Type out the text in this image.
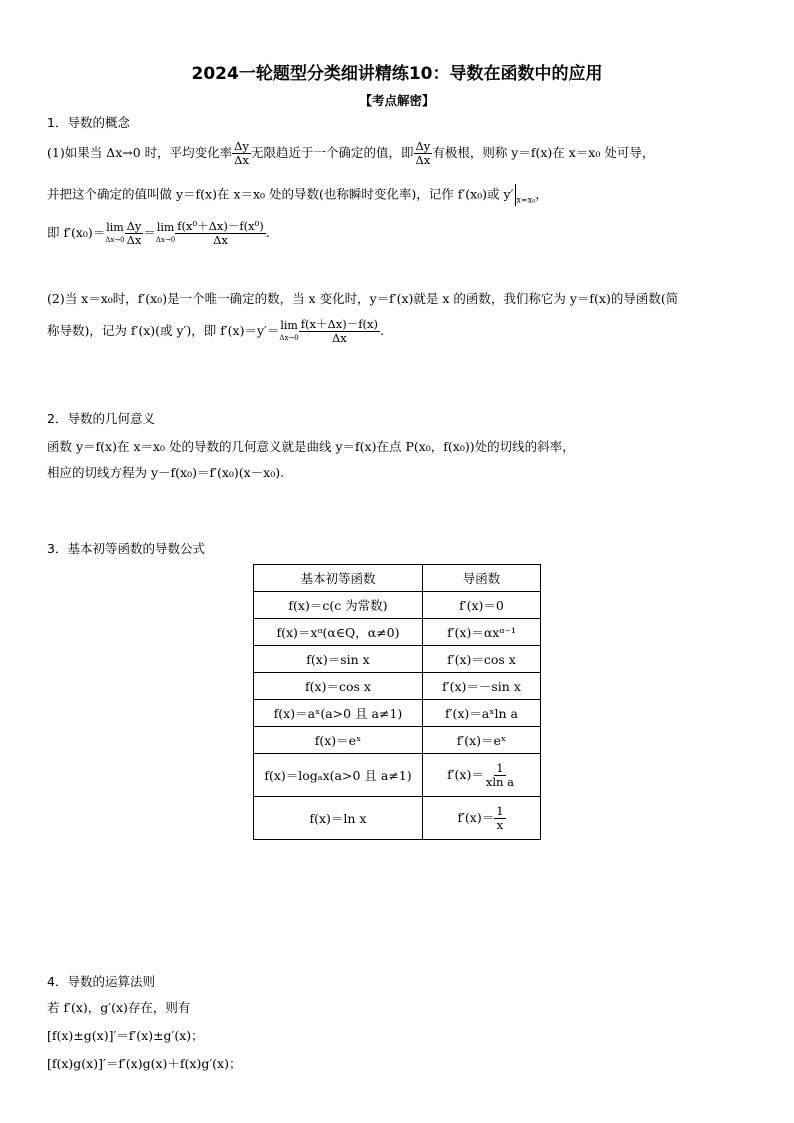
2024一轮题型分类细讲精练10：导数在函数中的应用
【考点解密】
1．导数的概念
(1)如果当 Δx→0 时，平均变化率 $\frac{\Delta y}{\Delta x}$ 无限趋近于一个确定的值，即 $\frac{\Delta y}{\Delta x}$ 有极根，则称 y＝f(x)在 x＝x₀ 处可导，
并把这个确定的值叫做 y＝f(x)在 x＝x₀ 处的导数(也称瞬时变化率)，记作 f′(x₀)或 y′ $_{x=x_0}$，
即 f′(x₀)＝ lim
$\Delta x\to 0 \frac{\Delta y}{\Delta x} = \lim$
$\Delta x\to 0 \frac{\text{f(x⁰＋Δx)－f(x⁰)}}{\Delta x}$ .
(2)当 x＝x₀时，f′(x₀)是一个唯一确定的数，当 x 变化时，y＝f′(x)就是 x 的函数，我们称它为 y＝f(x)的导函数(简
称导数)，记为 f′(x)(或 y′)，即 f′(x)＝y′＝ lim
$\Delta x\to 0 \frac{f(x+\Delta x)-f(x)}{\Delta x}$ .
2．导数的几何意义
函数 y＝f(x)在 x＝x₀ 处的导数的几何意义就是曲线 y＝f(x)在点 P(x₀，f(x₀))处的切线的斜率，
相应的切线方程为 y－f(x₀)＝f′(x₀)(x－x₀).
3．基本初等函数的导数公式
基本初等函数	导函数
f(x)＝c(c 为常数)	f′(x)＝0
f(x)＝xᵅ(α∈Q，α≠0)	f′(x)＝αxᵅ⁻¹
f(x)＝sin x	f′(x)＝cos x
f(x)＝cos x	f′(x)＝－sin x
f(x)＝aˣ(a>0 且 a≠1)	f′(x)＝aˣln a
f(x)＝eˣ	f′(x)＝eˣ
f(x)＝logₐx(a>0 且 a≠1)	$f'(x)= \frac{1}{\text{xln a}}$

f(x)＝ln x	$f'(x)= \frac{1}{x}$
4．导数的运算法则
若 f′(x)，g′(x)存在，则有
[f(x)±g(x)]′＝f′(x)±g′(x)；
[f(x)g(x)]′＝f′(x)g(x)＋f(x)g′(x)；
